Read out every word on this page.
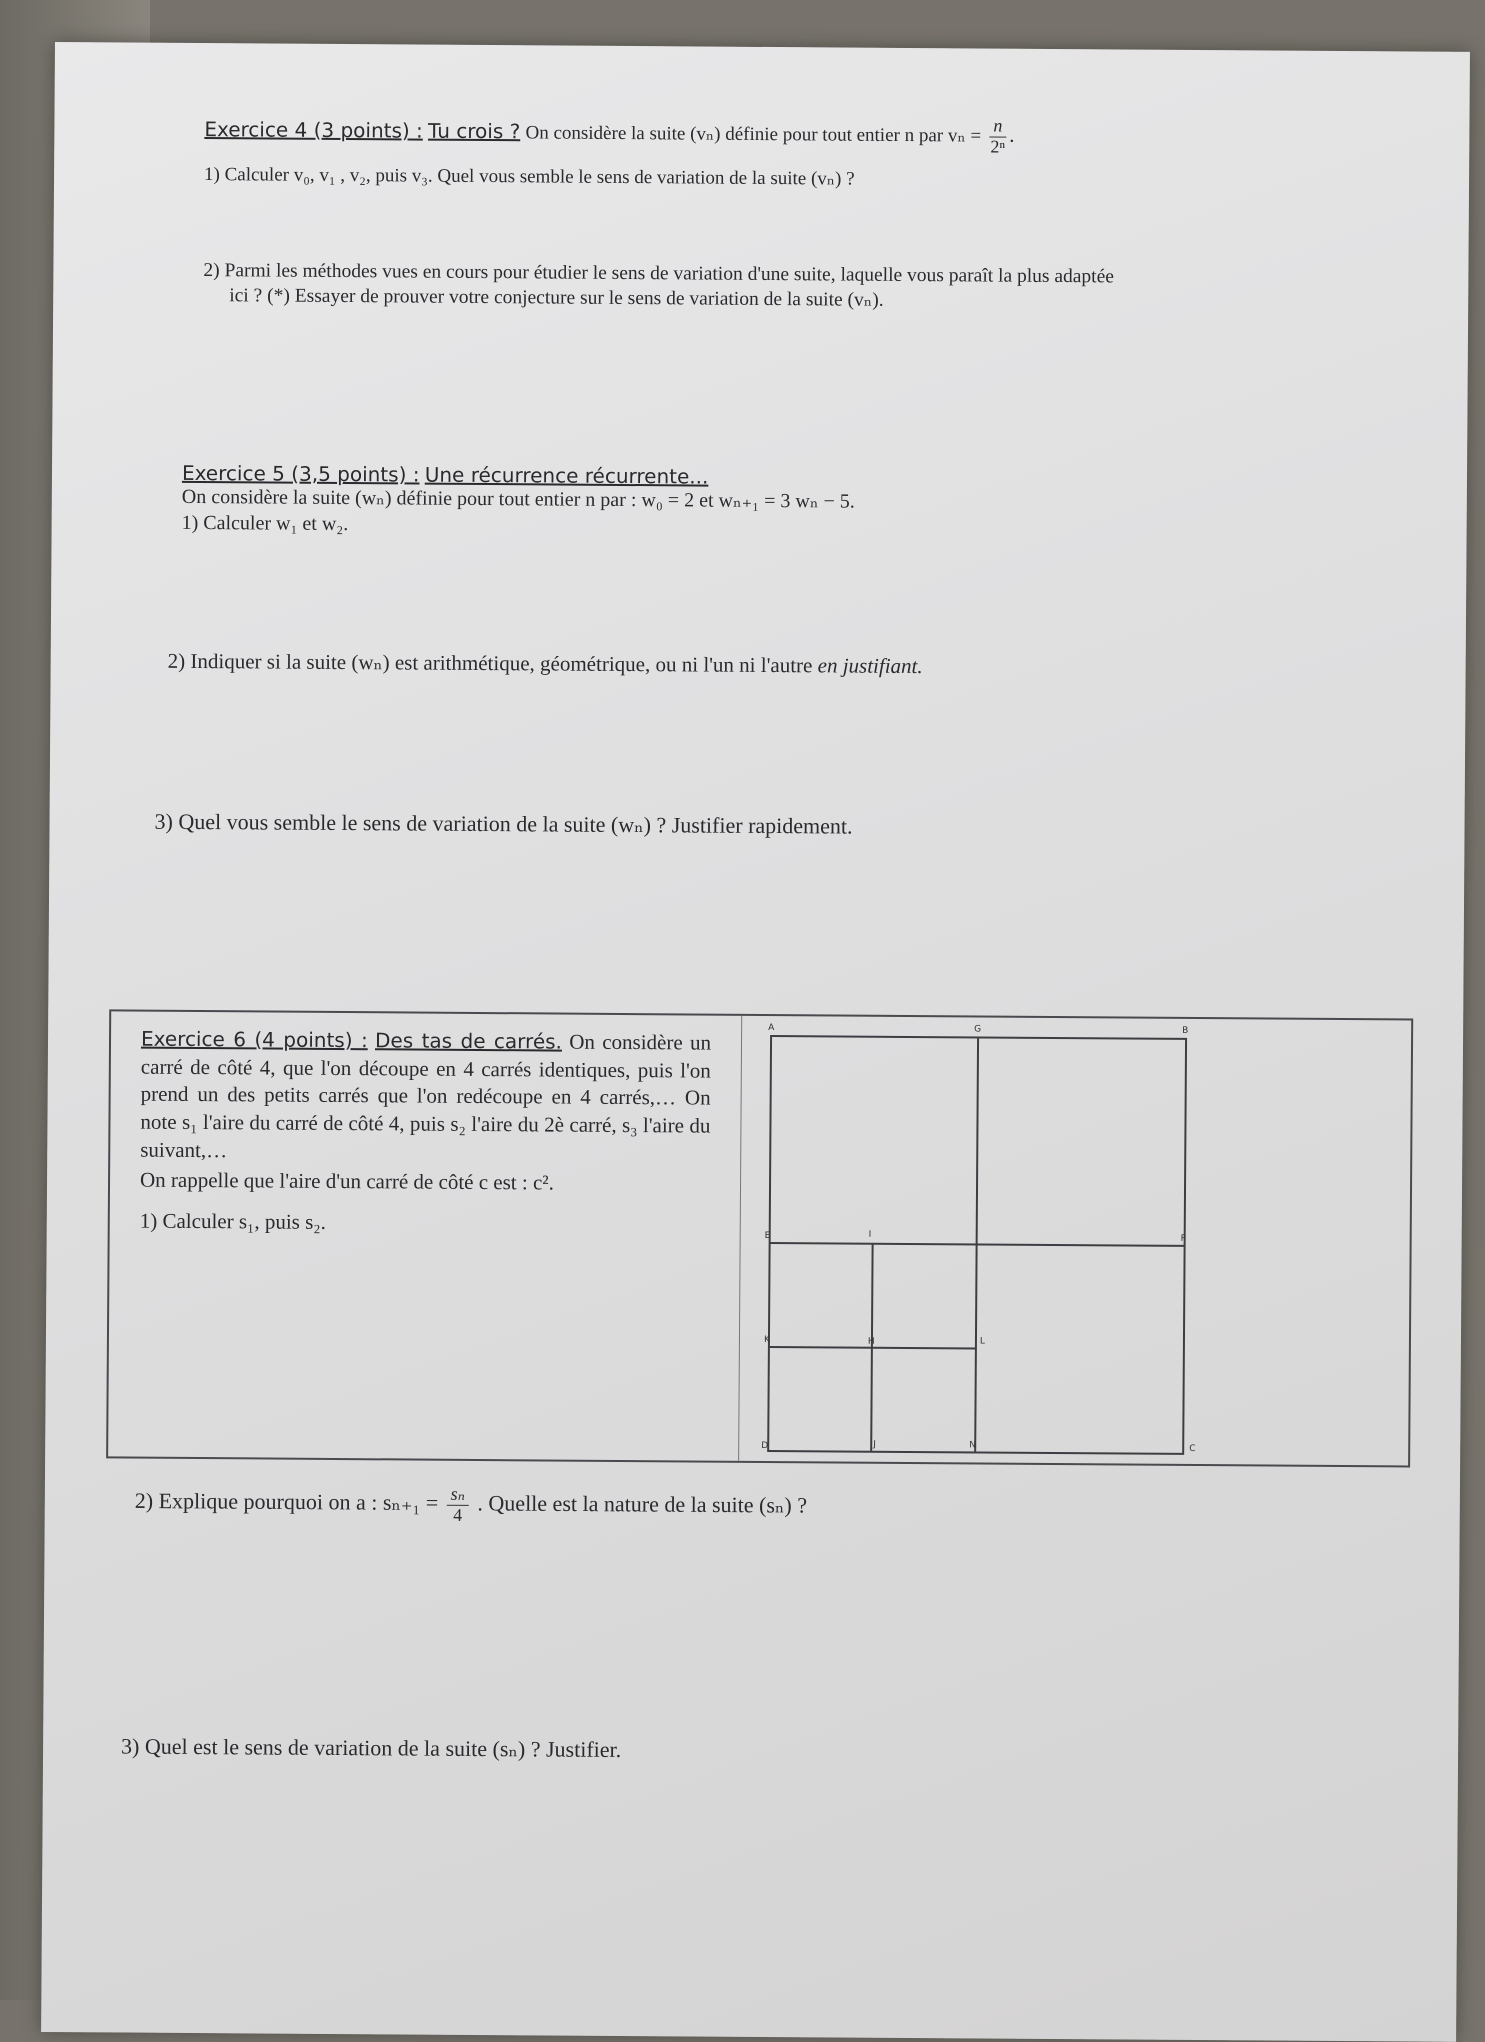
Exercice 4 (3 points) : Tu crois ? On considère la suite (vₙ) définie pour tout entier n par $v_n = \frac{n}{\text{2ⁿ}}$ .
1) Calculer v₀, v₁ , v₂, puis v₃. Quel vous semble le sens de variation de la suite (vₙ) ?
2) Parmi les méthodes vues en cours pour étudier le sens de variation d'une suite, laquelle vous paraît la plus adaptée
ici ? (*) Essayer de prouver votre conjecture sur le sens de variation de la suite (vₙ).
Exercice 5 (3,5 points) : Une récurrence récurrente...
On considère la suite (wₙ) définie pour tout entier n par : w₀ = 2 et wₙ₊₁ = 3 wₙ − 5.
1) Calculer w₁ et w₂.
2) Indiquer si la suite (wₙ) est arithmétique, géométrique, ou ni l'un ni l'autre en justifiant.
3) Quel vous semble le sens de variation de la suite (wₙ) ? Justifier rapidement.
Exercice 6 (4 points) : Des tas de carrés. On considère un carré de côté 4, que l'on découpe en 4 carrés identiques, puis l'on prend un des petits carrés que l'on redécoupe en 4 carrés,… On note s₁ l'aire du carré de côté 4, puis s₂ l'aire du 2è carré, s₃ l'aire du suivant,…
On rappelle que l'aire d'un carré de côté c est : c².
1) Calculer s₁, puis s₂.
A	G	B
E	I	F
K	H	L
D	J	N	C
2) Explique pourquoi on a : $s_{n+1} = \frac{\text{sₙ}}{4}$ . Quelle est la nature de la suite (sₙ) ?
3) Quel est le sens de variation de la suite (sₙ) ? Justifier.
